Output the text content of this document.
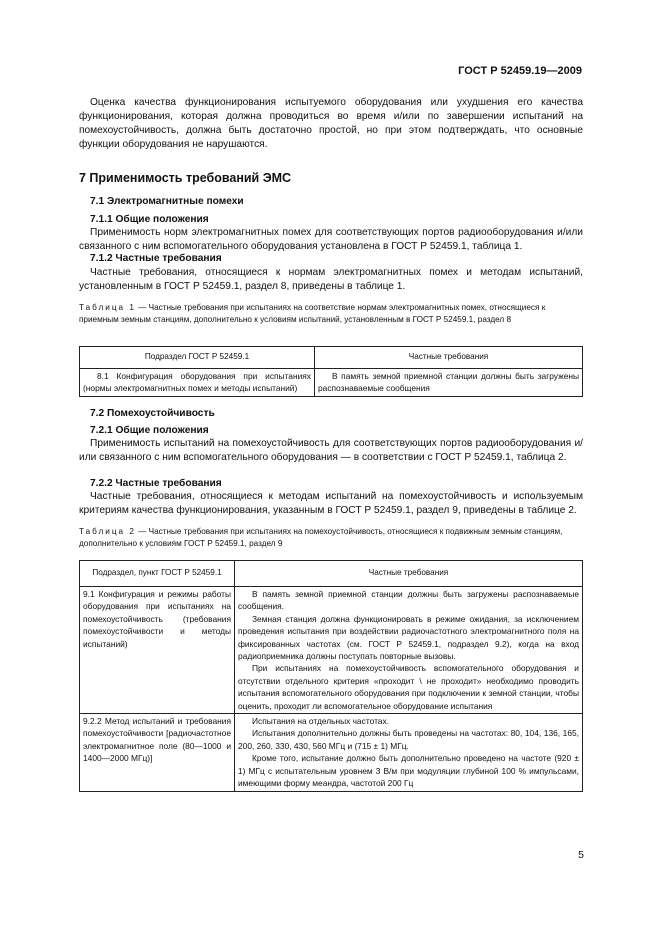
ГОСТ Р 52459.19—2009
Оценка качества функционирования испытуемого оборудования или ухудшения его качества функционирования, которая должна проводиться во время и/или по завершении испытаний на помехоустойчивость, должна быть достаточно простой, но при этом подтверждать, что основные функции оборудования не нарушаются.
7 Применимость требований ЭМС
7.1 Электромагнитные помехи
7.1.1 Общие положения
Применимость норм электромагнитных помех для соответствующих портов радиооборудования и/или связанного с ним вспомогательного оборудования установлена в ГОСТ Р 52459.1, таблица 1.
7.1.2 Частные требования
Частные требования, относящиеся к нормам электромагнитных помех и методам испытаний, установленным в ГОСТ Р 52459.1, раздел 8, приведены в таблице 1.
Таблица 1 — Частные требования при испытаниях на соответствие нормам электромагнитных помех, относящиеся к приемным земным станциям, дополнительно к условиям испытаний, установленным в ГОСТ Р 52459.1, раздел 8
Подраздел ГОСТ Р 52459.1	Частные требования

8.1 Конфигурация оборудования при испытаниях (нормы электромагнитных помех и методы испытаний)	В память земной приемной станции должны быть загружены распознаваемые сообщения

7.2 Помехоустойчивость
7.2.1 Общие положения
Применимость испытаний на помехоустойчивость для соответствующих портов радиооборудования и/или связанного с ним вспомогательного оборудования — в соответствии с ГОСТ Р 52459.1, таблица 2.
7.2.2 Частные требования
Частные требования, относящиеся к методам испытаний на помехоустойчивость и используемым критериям качества функционирования, указанным в ГОСТ Р 52459.1, раздел 9, приведены в таблице 2.
Таблица 2 — Частные требования при испытаниях на помехоустойчивость, относящиеся к подвижным земным станциям, дополнительно к условиям ГОСТ Р 52459.1, раздел 9
Подраздел, пункт ГОСТ Р 52459.1	Частные требования

9.1 Конфигурация и режимы работы оборудования при испытаниях на помехоустойчивость (требования помехоустойчивости и методы испытаний)	В память земной приемной станции должны быть загружены распознаваемые сообщения.

Земная станция должна функционировать в режиме ожидания, за исключением проведения испытания при воздействии радиочастотного электромагнитного поля на фиксированных частотах (см. ГОСТ Р 52459.1, подраздел 9.2), когда на вход радиоприемника должны поступать повторные вызовы.

При испытаниях на помехоустойчивость вспомогательного оборудования и отсутствии отдельного критерия «проходит \ не проходит» необходимо проводить испытания вспомогательного оборудования при подключении к земной станции, чтобы оценить, проходит ли вспомогательное оборудование испытания

9.2.2 Метод испытаний и требования помехоустойчивости [радиочастотное электромагнитное поле (80—1000 и 1400—2000 МГц)]	Испытания на отдельных частотах.

Испытания дополнительно должны быть проведены на частотах: 80, 104, 136, 165, 200, 260, 330, 430, 560 МГц и (715 ± 1) МГц.

Кроме того, испытание должно быть дополнительно проведено на частоте (920 ± 1) МГц с испытательным уровнем 3 В/м при модуляции глубиной 100 % импульсами, имеющими форму меандра, частотой 200 Гц

5
